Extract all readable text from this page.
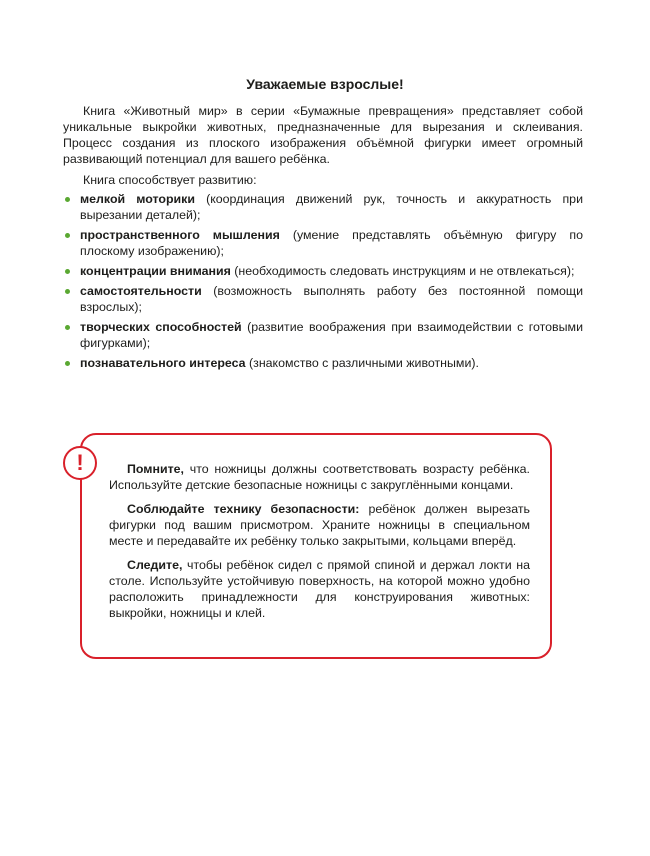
Уважаемые взрослые!

Книга «Животный мир» в серии «Бумажные превращения» представляет собой уникальные выкройки животных, предназначенные для вырезания и склеивания. Процесс создания из плоского изображения объёмной фигурки имеет огромный развивающий потенциал для вашего ребёнка.

Книга способствует развитию:

мелкой моторики (координация движений рук, точность и аккуратность при вырезании деталей);
пространственного мышления (умение представлять объёмную фигуру по плоскому изображению);
концентрации внимания (необходимость следовать инструкциям и не отвлекаться);
самостоятельности (возможность выполнять работу без постоянной помощи взрослых);
творческих способностей (развитие воображения при взаимодействии с готовыми фигурками);
познавательного интереса (знакомство с различными животными).
!	Помните, что ножницы должны соответствовать возрасту ребёнка. Используйте детские безопасные ножницы с закруглёнными концами.

Соблюдайте технику безопасности: ребёнок должен вырезать фигурки под вашим присмотром. Храните ножницы в специальном месте и передавайте их ребёнку только закрытыми, кольцами вперёд.

Следите, чтобы ребёнок сидел с прямой спиной и держал локти на столе. Используйте устойчивую поверхность, на которой можно удобно расположить принадлежности для конструирования животных: выкройки, ножницы и клей.
